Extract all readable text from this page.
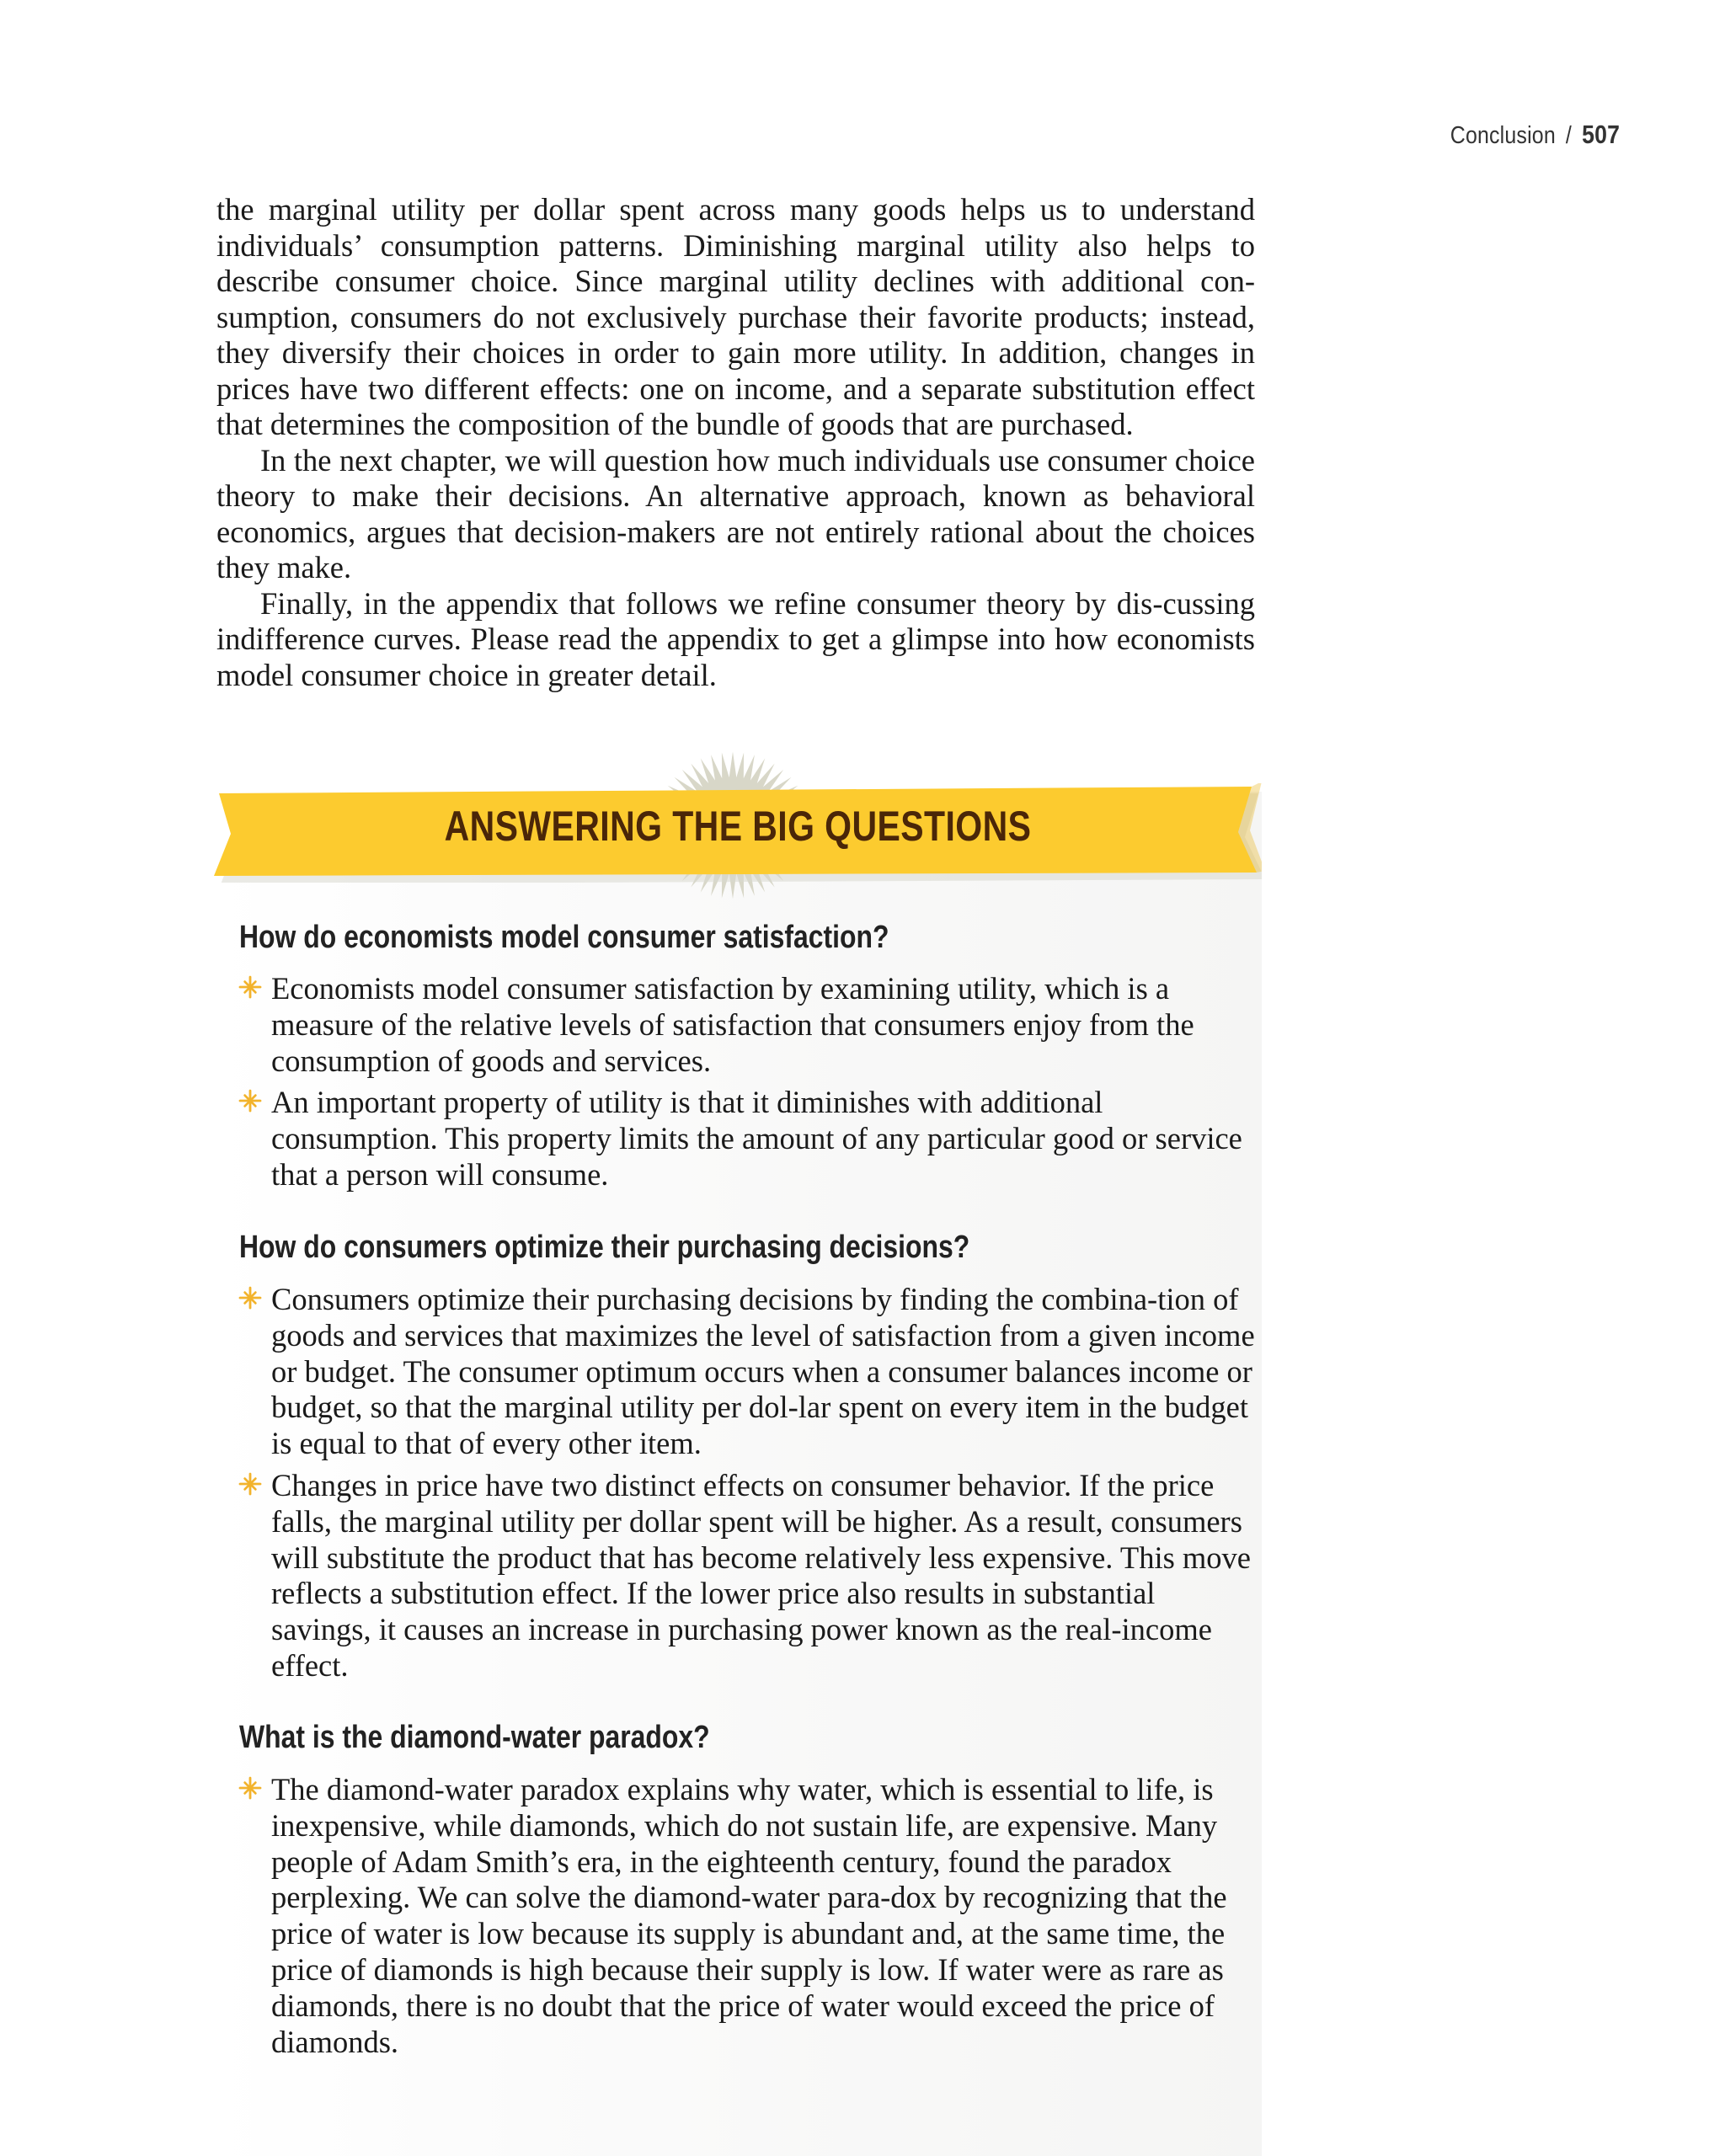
Conclusion / 507

the marginal utility per dollar spent across many goods helps us to understand individuals’ consumption patterns. Diminishing marginal utility also helps to describe consumer choice. Since marginal utility declines with additional con-sumption, consumers do not exclusively purchase their favorite products; instead, they diversify their choices in order to gain more utility. In addition, changes in prices have two different effects: one on income, and a separate substitution effect that determines the composition of the bundle of goods that are purchased.

In the next chapter, we will question how much individuals use consumer choice theory to make their decisions. An alternative approach, known as behavioral economics, argues that decision-makers are not entirely rational about the choices they make.

Finally, in the appendix that follows we refine consumer theory by dis-cussing indifference curves. Please read the appendix to get a glimpse into how economists model consumer choice in greater detail.

ANSWERING THE BIG QUESTIONS
How do economists model consumer satisfaction?
Economists model consumer satisfaction by examining utility, which is a measure of the relative levels of satisfaction that consumers enjoy from the consumption of goods and services.
An important property of utility is that it diminishes with additional consumption. This property limits the amount of any particular good or service that a person will consume.
How do consumers optimize their purchasing decisions?
Consumers optimize their purchasing decisions by finding the combina-tion of goods and services that maximizes the level of satisfaction from a given income or budget. The consumer optimum occurs when a consumer balances income or budget, so that the marginal utility per dol-lar spent on every item in the budget is equal to that of every other item.
Changes in price have two distinct effects on consumer behavior. If the price falls, the marginal utility per dollar spent will be higher. As a result, consumers will substitute the product that has become relatively less expensive. This move reflects a substitution effect. If the lower price also results in substantial savings, it causes an increase in purchasing power known as the real-income effect.
What is the diamond-water paradox?
The diamond-water paradox explains why water, which is essential to life, is inexpensive, while diamonds, which do not sustain life, are expensive. Many people of Adam Smith’s era, in the eighteenth century, found the paradox perplexing. We can solve the diamond-water para-dox by recognizing that the price of water is low because its supply is abundant and, at the same time, the price of diamonds is high because their supply is low. If water were as rare as diamonds, there is no doubt that the price of water would exceed the price of diamonds.
